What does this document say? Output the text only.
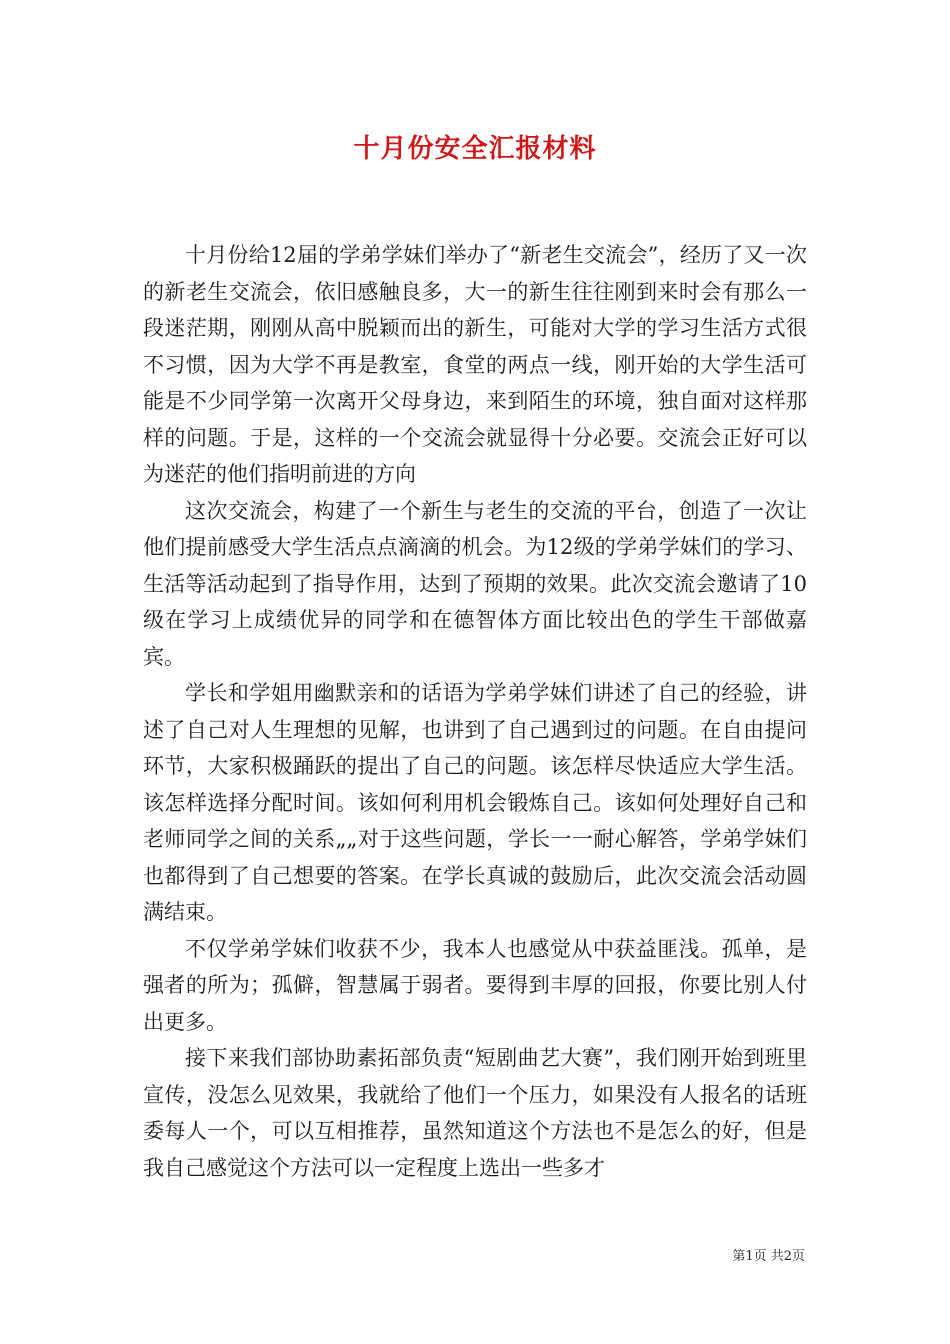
十月份安全汇报材料

十月份给12届的学弟学妹们举办了“新老生交流会”，经历了又一次的新老生交流会，依旧感触良多，大一的新生往往刚到来时会有那么一段迷茫期，刚刚从高中脱颖而出的新生，可能对大学的学习生活方式很不习惯，因为大学不再是教室，食堂的两点一线，刚开始的大学生活可能是不少同学第一次离开父母身边，来到陌生的环境，独自面对这样那样的问题。于是，这样的一个交流会就显得十分必要。交流会正好可以为迷茫的他们指明前进的方向

这次交流会，构建了一个新生与老生的交流的平台，创造了一次让他们提前感受大学生活点点滴滴的机会。为12级的学弟学妹们的学习、生活等活动起到了指导作用，达到了预期的效果。此次交流会邀请了10级在学习上成绩优异的同学和在德智体方面比较出色的学生干部做嘉宾。

学长和学姐用幽默亲和的话语为学弟学妹们讲述了自己的经验，讲述了自己对人生理想的见解，也讲到了自己遇到过的问题。在自由提问环节，大家积极踊跃的提出了自己的问题。该怎样尽快适应大学生活。该怎样选择分配时间。该如何利用机会锻炼自己。该如何处理好自己和老师同学之间的关系„„对于这些问题，学长一一耐心解答，学弟学妹们也都得到了自己想要的答案。在学长真诚的鼓励后，此次交流会活动圆满结束。

不仅学弟学妹们收获不少，我本人也感觉从中获益匪浅。孤单，是强者的所为；孤僻，智慧属于弱者。要得到丰厚的回报，你要比别人付出更多。

接下来我们部协助素拓部负责“短剧曲艺大赛”，我们刚开始到班里宣传，没怎么见效果，我就给了他们一个压力，如果没有人报名的话班委每人一个，可以互相推荐，虽然知道这个方法也不是怎么的好，但是我自己感觉这个方法可以一定程度上选出一些多才

第1页 共2页
